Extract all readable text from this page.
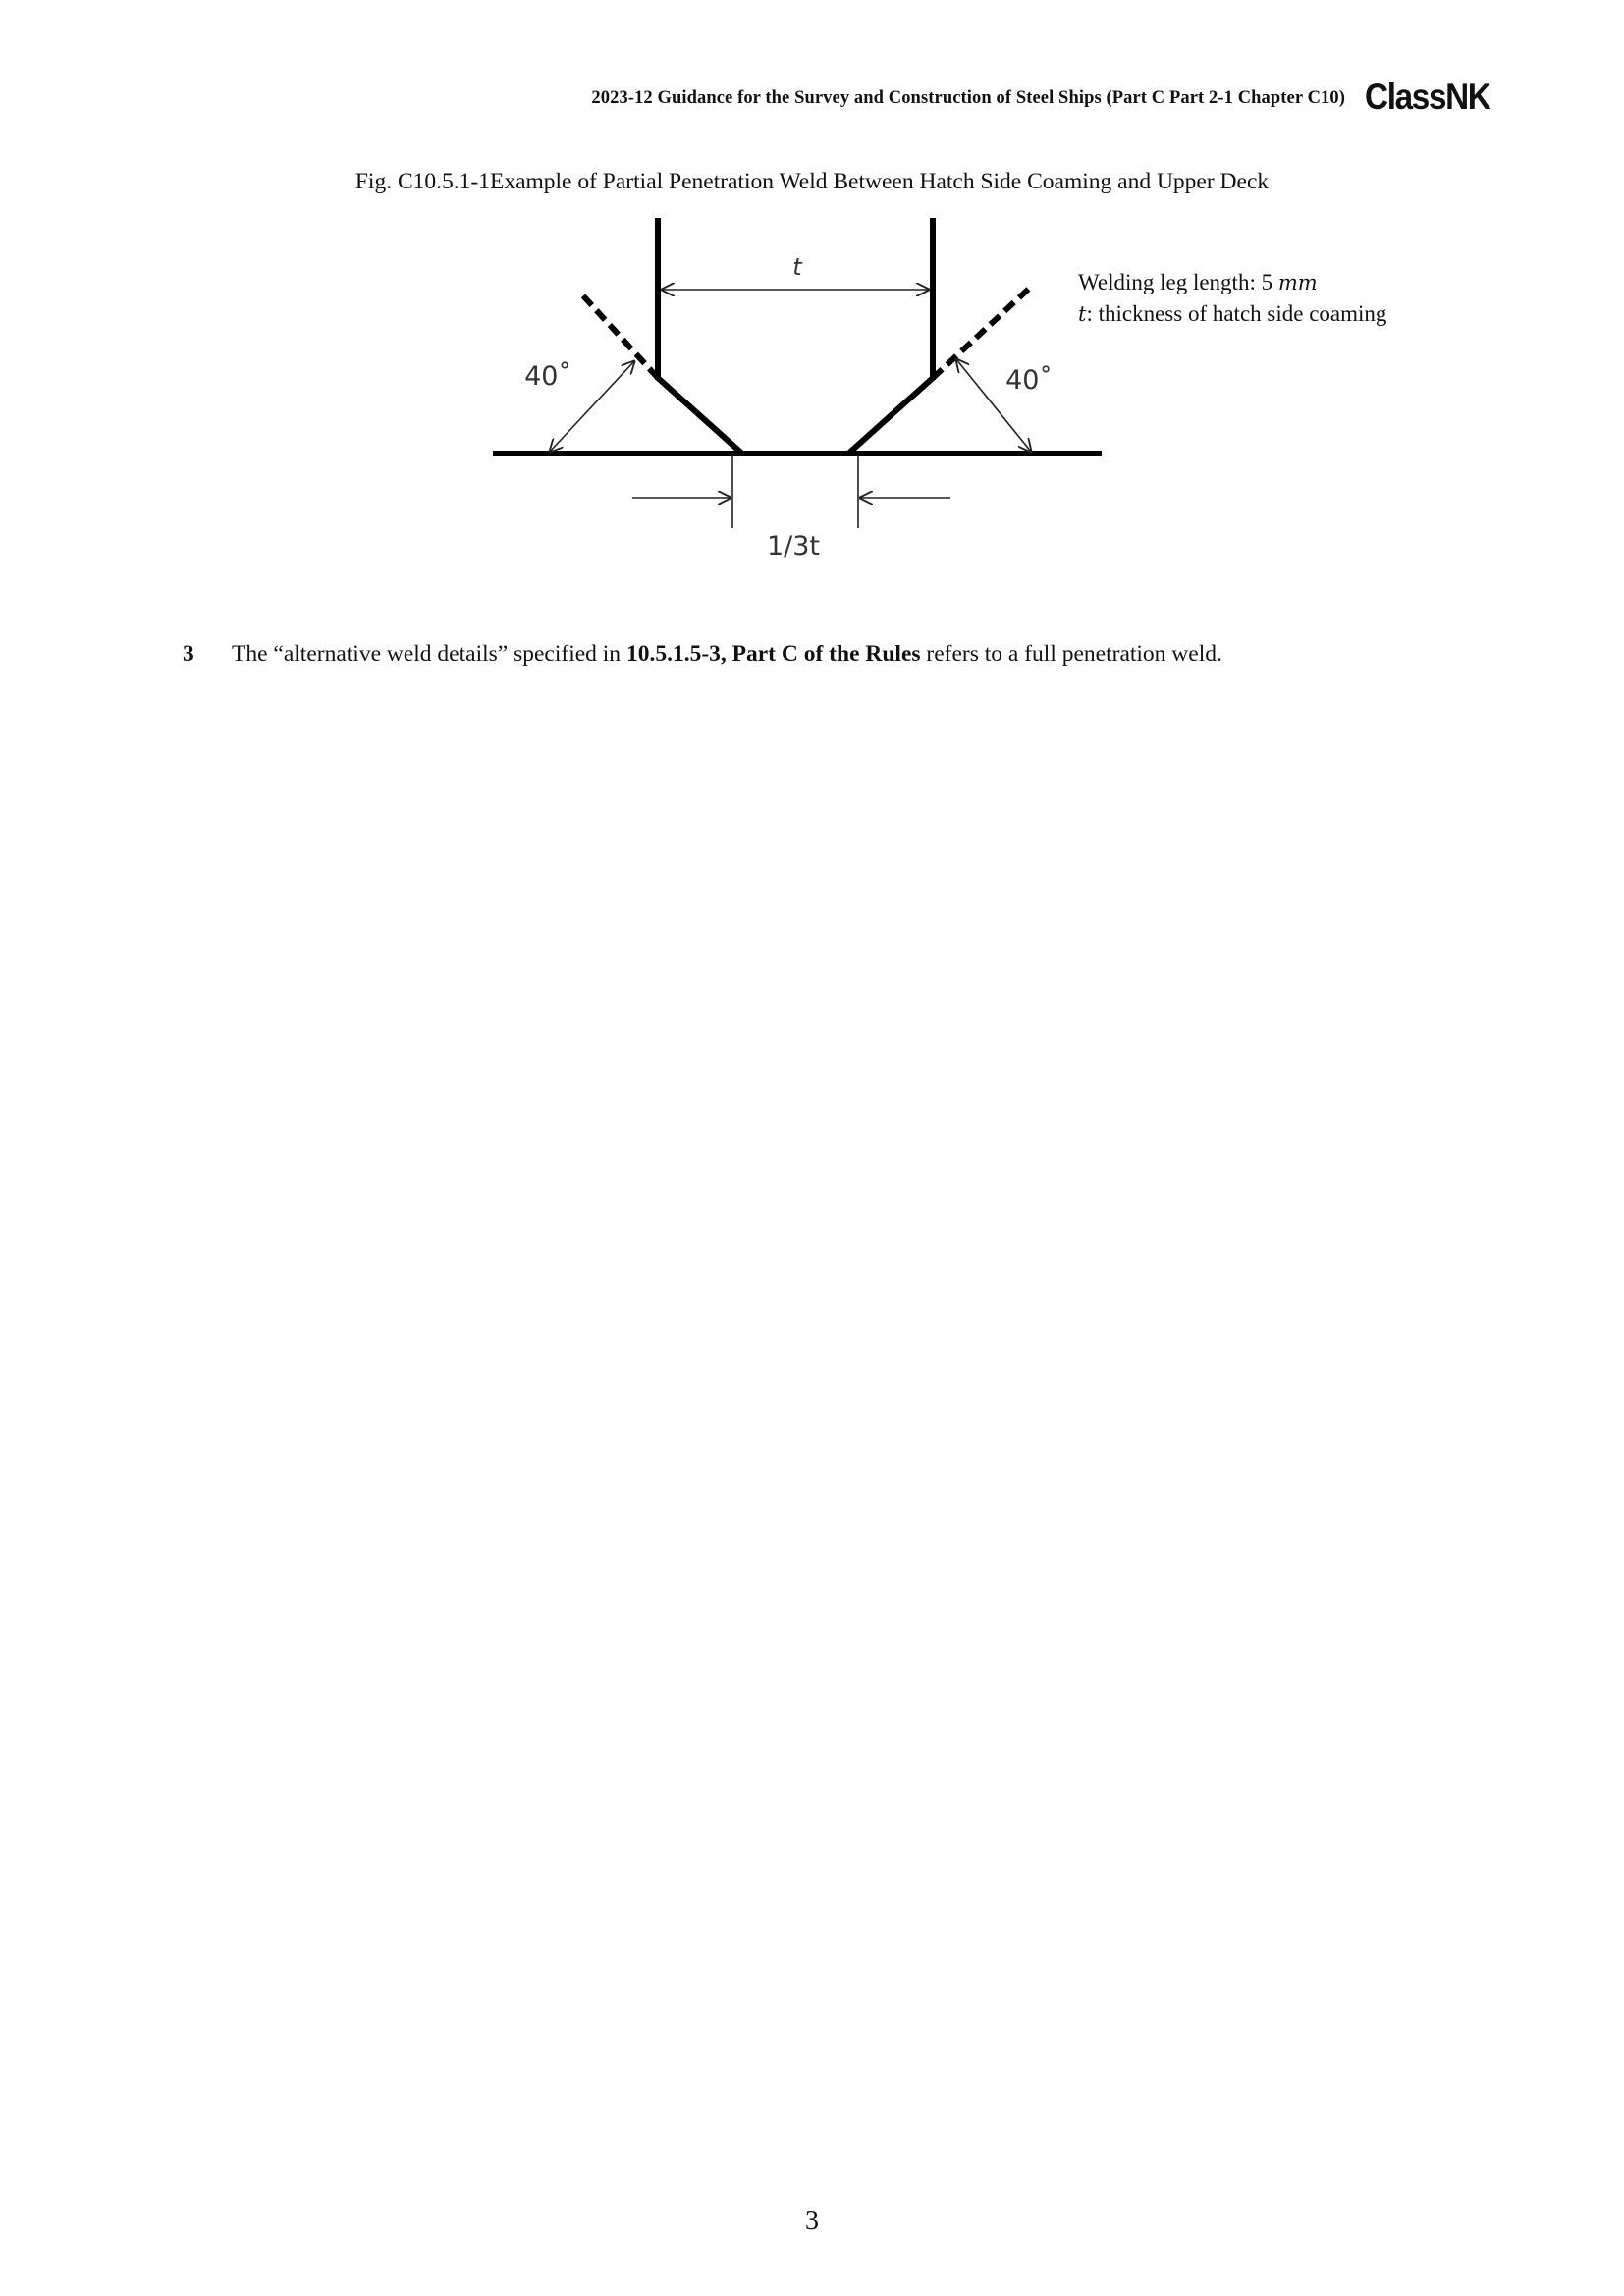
2023-12 Guidance for the Survey and Construction of Steel Ships (Part C Part 2-1 Chapter C10) ClassNK
Fig. C10.5.1-1Example of Partial Penetration Weld Between Hatch Side Coaming and Upper Deck
t
40˚	40˚
1/3t
Welding leg length: 5 mm
t: thickness of hatch side coaming
3 The “alternative weld details” specified in 10.5.1.5-3, Part C of the Rules refers to a full penetration weld.
3
